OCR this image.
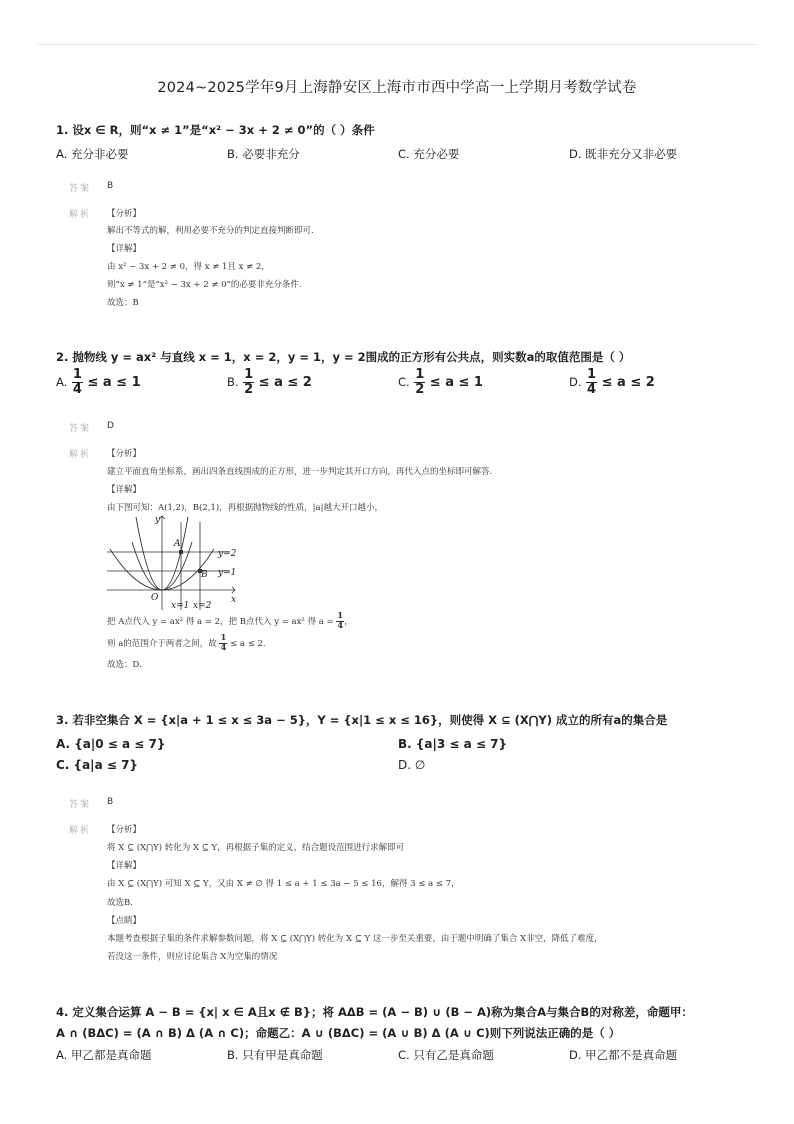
2024~2025学年9月上海静安区上海市市西中学高一上学期月考数学试卷
1. 设x ∈ R，则“x ≠ 1”是“x² − 3x + 2 ≠ 0”的（ ）条件
A. 充分非必要	B. 必要非充分	C. 充分必要	D. 既非充分又非必要
答案 B
解析 【分析】
解出不等式的解，利用必要不充分的判定直接判断即可.
【详解】
由 x² − 3x + 2 ≠ 0，得 x ≠ 1且 x ≠ 2，
则“x ≠ 1”是“x² − 3x + 2 ≠ 0”的必要非充分条件.
故选：B
2. 抛物线 y = ax² 与直线 x = 1，x = 2，y = 1，y = 2围成的正方形有公共点，则实数a的取值范围是（ ）
A. $\frac{1}{4} \le a \le 1$	B. $\frac{1}{2} \le a \le 2$	C. $\frac{1}{2} \le a \le 1$	D. $\frac{1}{4} \le a \le 2$
答案 D
解析 【分析】
建立平面直角坐标系，画出四条直线围成的正方形，进一步判定其开口方向，再代入点的坐标即可解答.
【详解】
由下图可知：A(1,2)，B(2,1)，再根据抛物线的性质，|a|越大开口越小，
y
x
O
A
B
y=2
y=1
x=1 x=2
把 A点代入 y = ax² 得 a = 2，把 B点代入 y = ax² 得 $a = \frac{1}{4}$ ，
则 a的范围介于两者之间，故 $\frac{1}{4} \le a \le 2$.
故选：D.
3. 若非空集合 X = {x|a + 1 ≤ x ≤ 3a − 5}，Y = {x|1 ≤ x ≤ 16}，则使得 X ⊆ (X⋂Y) 成立的所有a的集合是
A. {a|0 ≤ a ≤ 7}	B. {a|3 ≤ a ≤ 7}
C. {a|a ≤ 7}	D. ∅
答案 B
解析 【分析】
将 X ⊆ (X⋂Y) 转化为 X ⊆ Y，再根据子集的定义，结合题设范围进行求解即可
【详解】
由 X ⊆ (X⋂Y) 可知 X ⊆ Y，又由 X ≠ ∅ 得 1 ≤ a + 1 ≤ 3a − 5 ≤ 16，解得 3 ≤ a ≤ 7，
故选B.
【点睛】
本题考查根据子集的条件求解参数问题，将 X ⊆ (X⋂Y) 转化为 X ⊆ Y 这一步至关重要，由于题中明确了集合 X非空，降低了难度，
若没这一条件，则应讨论集合 X为空集的情况
4. 定义集合运算 A − B = {x| x ∈ A且x ∉ B}；将 AΔB = (A − B) ∪ (B − A)称为集合A与集合B的对称差，命题甲：
A ∩ (BΔC) = (A ∩ B) Δ (A ∩ C)；命题乙：A ∪ (BΔC) = (A ∪ B) Δ (A ∪ C)则下列说法正确的是（ ）
A. 甲乙都是真命题	B. 只有甲是真命题	C. 只有乙是真命题	D. 甲乙都不是真命题
